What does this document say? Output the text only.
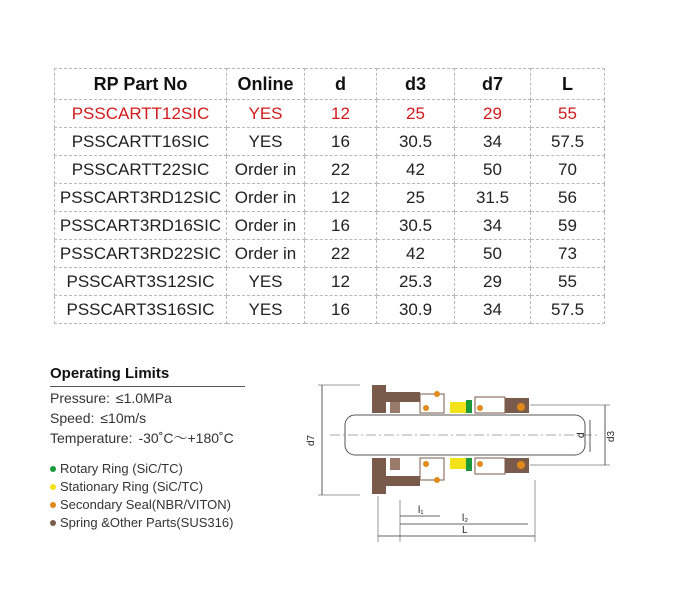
RP Part No	Online	d	d3	d7	L
PSSCARTT12SIC	YES	12	25	29	55
PSSCARTT16SIC	YES	16	30.5	34	57.5
PSSCARTT22SIC	Order in	22	42	50	70
PSSCART3RD12SIC	Order in	12	25	31.5	56
PSSCART3RD16SIC	Order in	16	30.5	34	59
PSSCART3RD22SIC	Order in	22	42	50	73
PSSCART3S12SIC	YES	12	25.3	29	55
PSSCART3S16SIC	YES	16	30.9	34	57.5
Operating Limits
Pressure: ≤1.0MPa
Speed: ≤10m/s
Temperature: -30˚C～+180˚C
Rotary Ring (SiC/TC)
Stationary Ring (SiC/TC)
Secondary Seal(NBR/VITON)
Spring &Other Parts(SUS316)
d7	d d3
l₁
l₂
L
